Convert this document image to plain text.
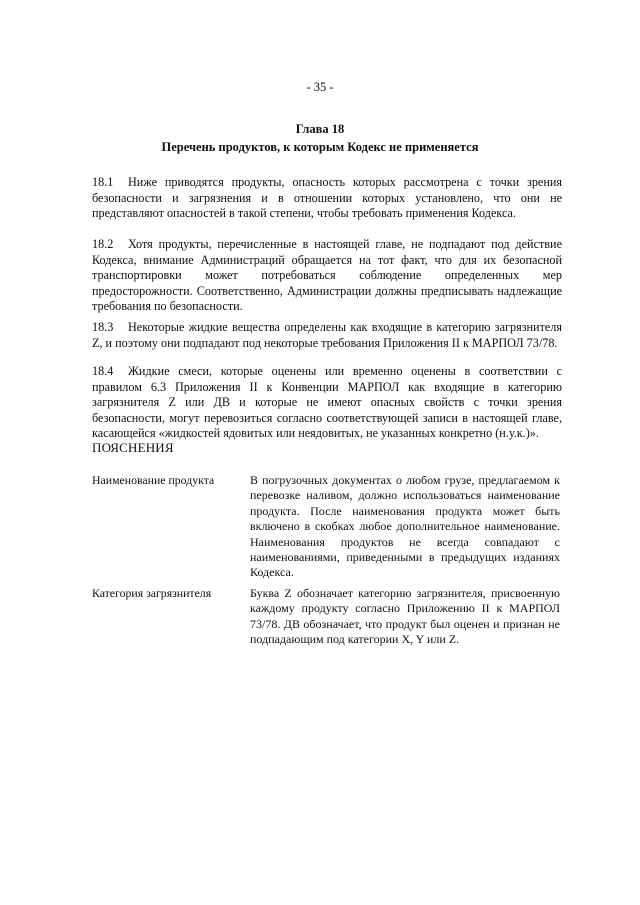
- 35 -
Глава 18
Перечень продуктов, к которым Кодекс не применяется
18.1 Ниже приводятся продукты, опасность которых рассмотрена с точки зрения безопасности и загрязнения и в отношении которых установлено, что они не представляют опасностей в такой степени, чтобы требовать применения Кодекса.
18.2 Хотя продукты, перечисленные в настоящей главе, не подпадают под действие Кодекса, внимание Администраций обращается на тот факт, что для их безопасной транспортировки может потребоваться соблюдение определенных мер предосторожности. Соответственно, Администрации должны предписывать надлежащие требования по безопасности.
18.3 Некоторые жидкие вещества определены как входящие в категорию загрязнителя Z, и поэтому они подпадают под некоторые требования Приложения II к МАРПОЛ 73/78.
18.4 Жидкие смеси, которые оценены или временно оценены в соответствии с правилом 6.3 Приложения II к Конвенции МАРПОЛ как входящие в категорию загрязнителя Z или ДВ и которые не имеют опасных свойств с точки зрения безопасности, могут перевозиться согласно соответствующей записи в настоящей главе, касающейся «жидкостей ядовитых или неядовитых, не указанных конкретно (н.у.к.)».
ПОЯСНЕНИЯ
Наименование продукта	В погрузочных документах о любом грузе, предлагаемом к перевозке наливом, должно использоваться наименование продукта. После наименования продукта может быть включено в скобках любое дополнительное наименование. Наименования продуктов не всегда совпадают с наименованиями, приведенными в предыдущих изданиях Кодекса.
Категория загрязнителя	Буква Z обозначает категорию загрязнителя, присвоенную каждому продукту согласно Приложению II к МАРПОЛ 73/78. ДВ обозначает, что продукт был оценен и признан не подпадающим под категории X, Y или Z.
